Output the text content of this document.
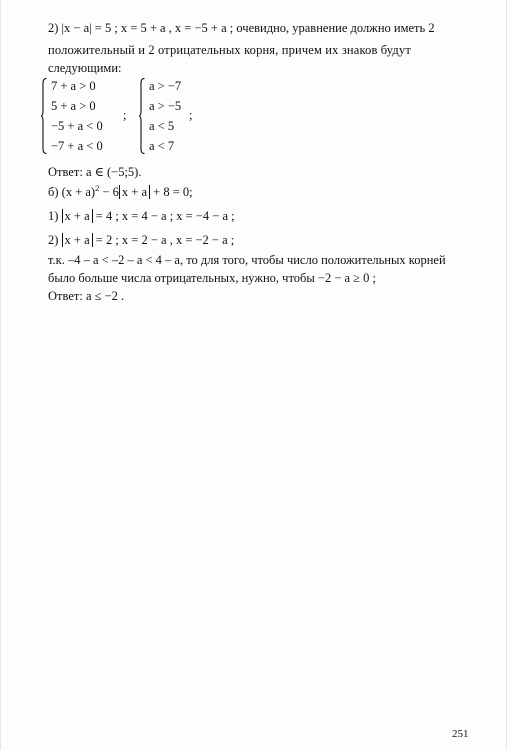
2) |x − a| = 5 ; x = 5 + a , x = −5 + a ; очевидно, уравнение должно иметь 2
положительный и 2 отрицательных корня, причем их знаков будут
следующими:
7 + a > 0
5 + a > 0
−5 + a < 0
−7 + a < 0
;
a > −7
a > −5
a < 5
a < 7
;
Ответ: a ∈ (−5;5).
б) $(x + a)^2 - 6$ x + a + 8 = 0;
1) x + a = 4 ; x = 4 − a ; x = −4 − a ;
2) x + a = 2 ; x = 2 − a , x = −2 − a ;
т.к. –4 – a < –2 – a < 4 – a, то для того, чтобы число положительных корней
было больше числа отрицательных, нужно, чтобы −2 − a ≥ 0 ;
Ответ: a ≤ −2 .
251
